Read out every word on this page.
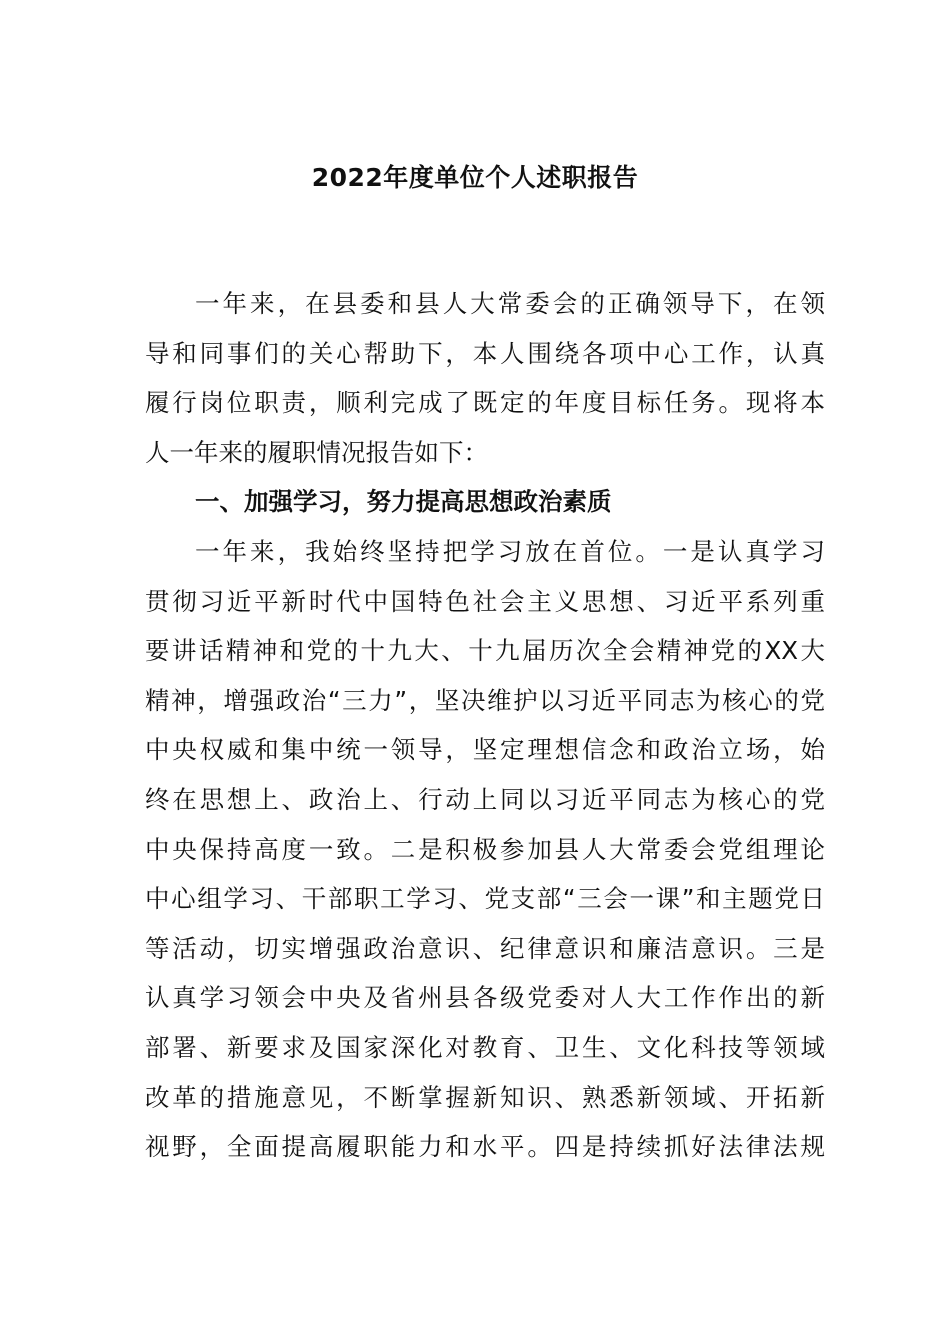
2022年度单位个人述职报告
一年来，在县委和县人大常委会的正确领导下，在领
导和同事们的关心帮助下，本人围绕各项中心工作，认真
履行岗位职责，顺利完成了既定的年度目标任务。现将本
人一年来的履职情况报告如下：
一、加强学习，努力提高思想政治素质
一年来，我始终坚持把学习放在首位。一是认真学习
贯彻习近平新时代中国特色社会主义思想、习近平系列重
要讲话精神和党的十九大、十九届历次全会精神党的XX大
精神，增强政治“三力”，坚决维护以习近平同志为核心的党
中央权威和集中统一领导，坚定理想信念和政治立场，始
终在思想上、政治上、行动上同以习近平同志为核心的党
中央保持高度一致。二是积极参加县人大常委会党组理论
中心组学习、干部职工学习、党支部“三会一课”和主题党日
等活动，切实增强政治意识、纪律意识和廉洁意识。三是
认真学习领会中央及省州县各级党委对人大工作作出的新
部署、新要求及国家深化对教育、卫生、文化科技等领域
改革的措施意见，不断掌握新知识、熟悉新领域、开拓新
视野，全面提高履职能力和水平。四是持续抓好法律法规
